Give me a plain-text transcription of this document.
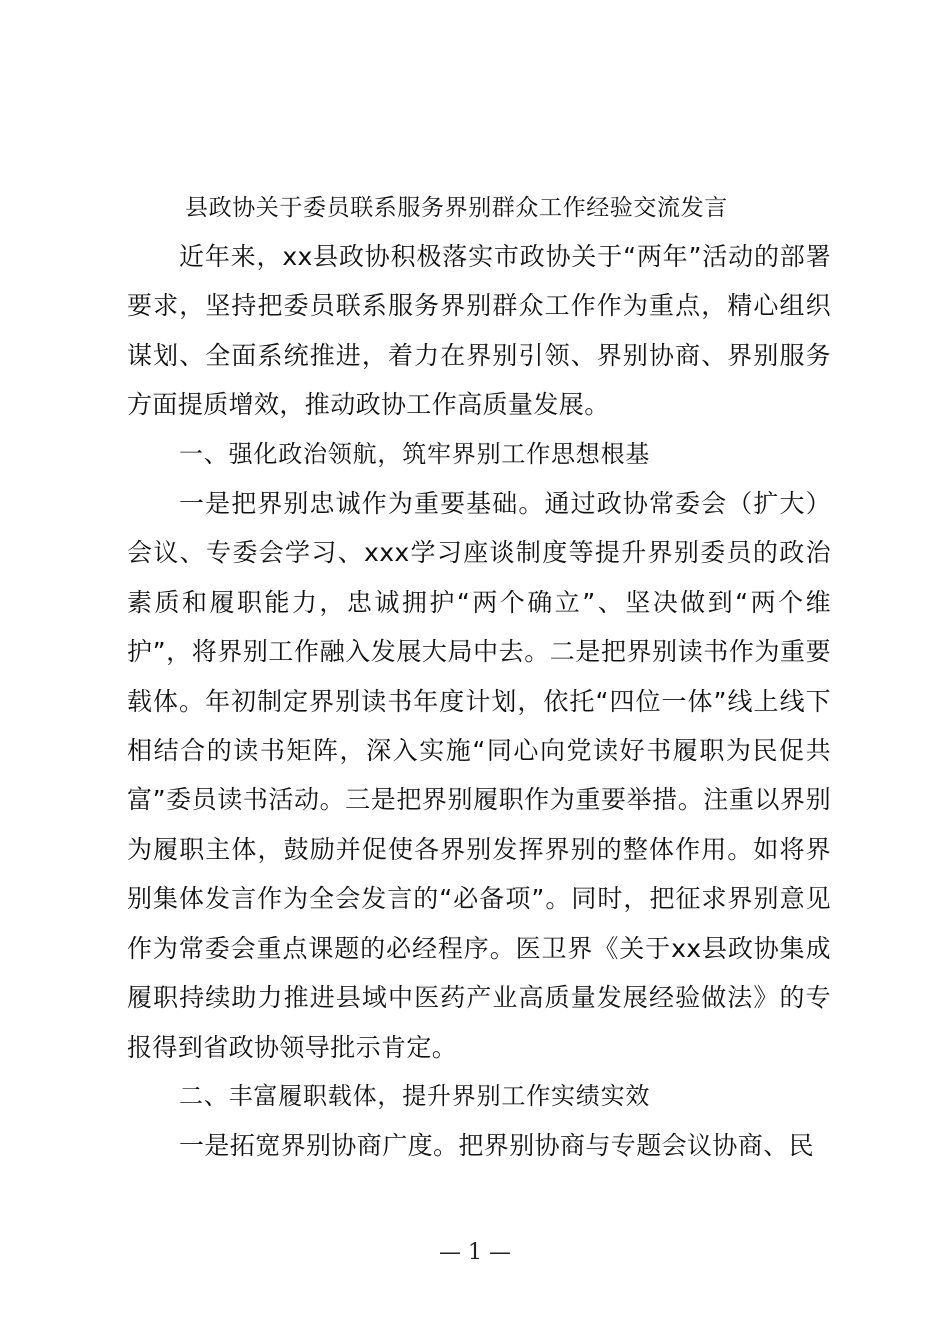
县政协关于委员联系服务界别群众工作经验交流发言

近年来，xx县政协积极落实市政协关于“两年”活动的部署要求，坚持把委员联系服务界别群众工作作为重点，精心组织谋划、全面系统推进，着力在界别引领、界别协商、界别服务方面提质增效，推动政协工作高质量发展。

一、强化政治领航，筑牢界别工作思想根基

一是把界别忠诚作为重要基础。通过政协常委会（扩大）会议、专委会学习、xxx学习座谈制度等提升界别委员的政治素质和履职能力，忠诚拥护“两个确立”、坚决做到“两个维护”，将界别工作融入发展大局中去。二是把界别读书作为重要载体。年初制定界别读书年度计划，依托“四位一体”线上线下相结合的读书矩阵，深入实施“同心向党读好书履职为民促共富”委员读书活动。三是把界别履职作为重要举措。注重以界别为履职主体，鼓励并促使各界别发挥界别的整体作用。如将界别集体发言作为全会发言的“必备项”。同时，把征求界别意见作为常委会重点课题的必经程序。医卫界《关于xx县政协集成履职持续助力推进县域中医药产业高质量发展经验做法》的专报得到省政协领导批示肯定。

二、丰富履职载体，提升界别工作实绩实效

一是拓宽界别协商广度。把界别协商与专题会议协商、民

— 1 —
